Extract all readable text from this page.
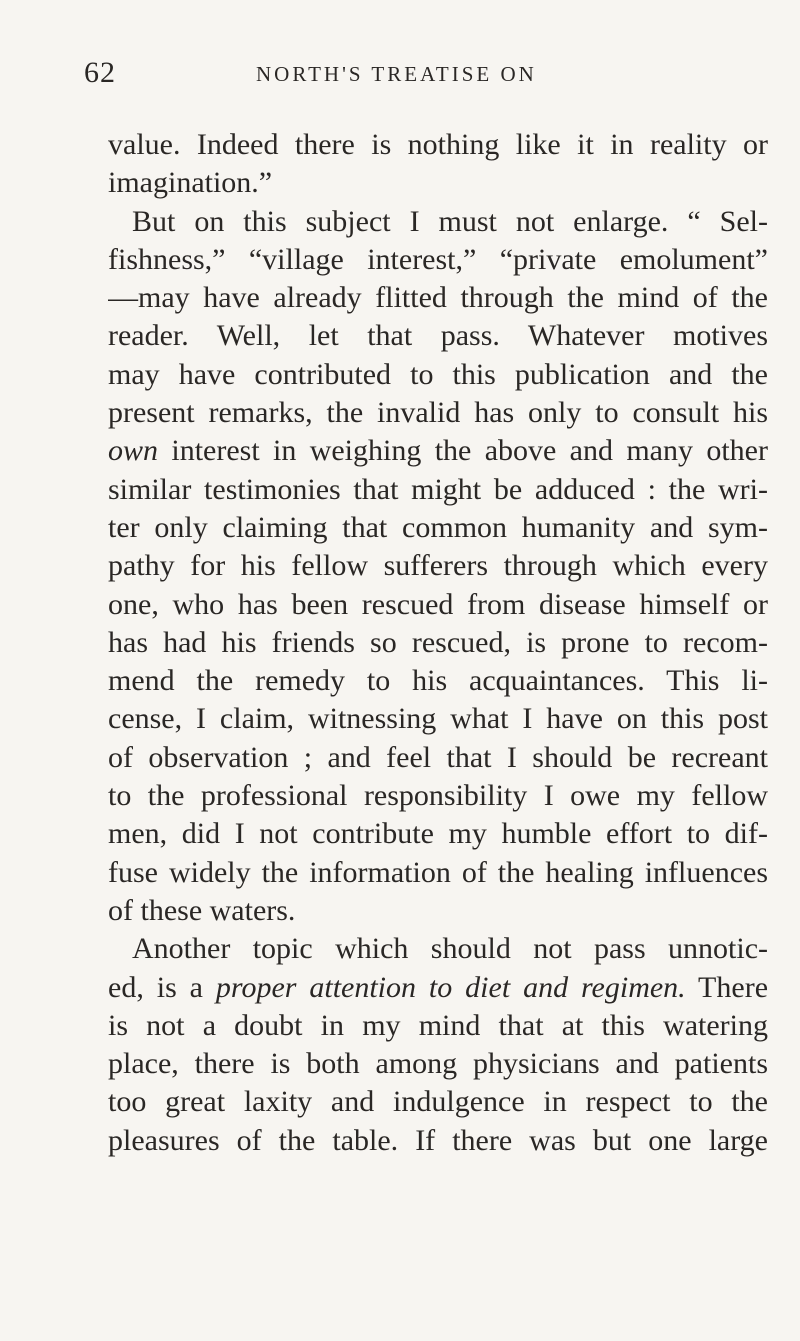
62	NORTH'S TREATISE ON
value. Indeed there is nothing like it in reality or
imagination.”
But on this subject I must not enlarge. “ Sel-
fishness,” “village interest,” “private emolument”
—may have already flitted through the mind of the
reader. Well, let that pass. Whatever motives
may have contributed to this publication and the
present remarks, the invalid has only to consult his
own interest in weighing the above and many other
similar testimonies that might be adduced : the wri-
ter only claiming that common humanity and sym-
pathy for his fellow sufferers through which every
one, who has been rescued from disease himself or
has had his friends so rescued, is prone to recom-
mend the remedy to his acquaintances. This li-
cense, I claim, witnessing what I have on this post
of observation ; and feel that I should be recreant
to the professional responsibility I owe my fellow
men, did I not contribute my humble effort to dif-
fuse widely the information of the healing influences
of these waters.
Another topic which should not pass unnotic-
ed, is a proper attention to diet and regimen. There
is not a doubt in my mind that at this watering
place, there is both among physicians and patients
too great laxity and indulgence in respect to the
pleasures of the table. If there was but one large
